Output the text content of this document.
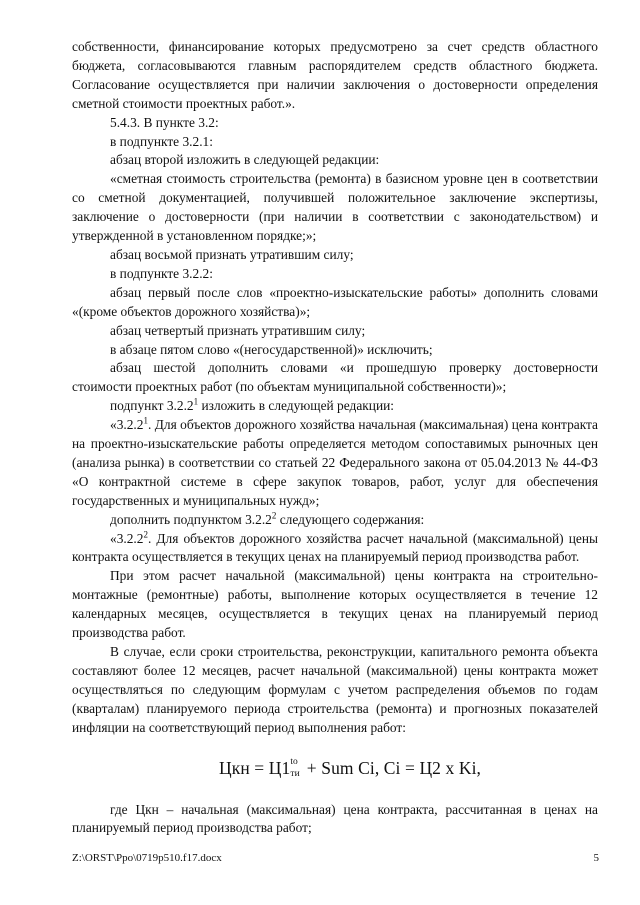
собственности, финансирование которых предусмотрено за счет средств областного бюджета, согласовываются главным распорядителем средств областного бюджета. Согласование осуществляется при наличии заключения о достоверности определения сметной стоимости проектных работ.».

5.4.3. В пункте 3.2:

в подпункте 3.2.1:

абзац второй изложить в следующей редакции:

«сметная стоимость строительства (ремонта) в базисном уровне цен в соответствии со сметной документацией, получившей положительное заключение экспертизы, заключение о достоверности (при наличии в соответствии с законодательством) и утвержденной в установленном порядке;»;

абзац восьмой признать утратившим силу;

в подпункте 3.2.2:

абзац первый после слов «проектно-изыскательские работы» дополнить словами «(кроме объектов дорожного хозяйства)»;

абзац четвертый признать утратившим силу;

в абзаце пятом слово «(негосударственной)» исключить;

абзац шестой дополнить словами «и прошедшую проверку достоверности стоимости проектных работ (по объектам муниципальной собственности)»;

подпункт 3.2.2$^1$ изложить в следующей редакции:

«3.2.2$^1$. Для объектов дорожного хозяйства начальная (максимальная) цена контракта на проектно-изыскательские работы определяется методом сопоставимых рыночных цен (анализа рынка) в соответствии со статьей 22 Федерального закона от 05.04.2013 № 44-ФЗ «О контрактной системе в сфере закупок товаров, работ, услуг для обеспечения государственных и муниципальных нужд»;

дополнить подпунктом 3.2.2$^2$ следующего содержания:

«3.2.2$^2$. Для объектов дорожного хозяйства расчет начальной (максимальной) цены контракта осуществляется в текущих ценах на планируемый период производства работ.

При этом расчет начальной (максимальной) цены контракта на строительно-монтажные (ремонтные) работы, выполнение которых осуществляется в течение 12 календарных месяцев, осуществляется в текущих ценах на планируемый период производства работ.

В случае, если сроки строительства, реконструкции, капитального ремонта объекта составляют более 12 месяцев, расчет начальной (максимальной) цены контракта может осуществляться по следующим формулам с учетом распределения объемов по годам (кварталам) планируемого периода строительства (ремонта) и прогнозных показателей инфляции на соответствующий период выполнения работ:

Цкн = Ц1 to
ти + Sum Ci, Ci = Ц2 x Ki,

где Цкн – начальная (максимальная) цена контракта, рассчитанная в ценах на планируемый период производства работ;

Z:\ORST\Ppo\0719p510.f17.docx	5
